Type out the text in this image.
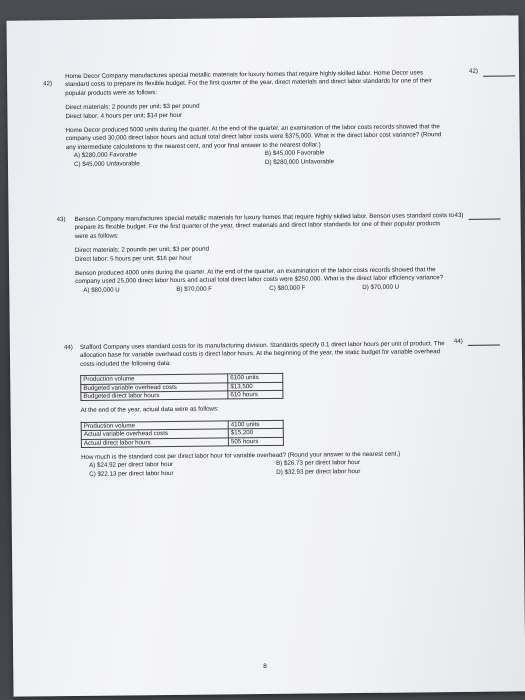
42)
42)

Home Decor Company manufactures special metallic materials for luxury homes that require highly skilled labor. Home Decor uses standard costs to prepare its flexible budget. For the first quarter of the year, direct materials and direct labor standards for one of their popular products were as follows:

Direct materials: 2 pounds per unit; $3 per pound

Direct labor: 4 hours per unit; $14 per hour

Home Decor produced 5000 units during the quarter. At the end of the quarter, an examination of the labor costs records showed that the company used 30,000 direct labor hours and actual total direct labor costs were $375,000. What is the direct labor cost variance? (Round any intermediate calculations to the nearest cent, and your final answer to the nearest dollar.)

A) $280,000 Favorable	B) $45,000 Favorable
C) $45,000 Unfavorable	D) $280,000 Unfavorable
43)
43)

Benson Company manufactures special metallic materials for luxury homes that require highly skilled labor. Benson uses standard costs to prepare its flexible budget. For the first quarter of the year, direct materials and direct labor standards for one of their popular products were as follows:

Direct materials: 2 pounds per unit; $3 per pound

Direct labor: 5 hours per unit; $16 per hour

Benson produced 4000 units during the quarter. At the end of the quarter, an examination of the labor costs records showed that the company used 25,000 direct labor hours and actual total direct labor costs were $250,000. What is the direct labor efficiency variance?

A) $80,000 U	B) $70,000 F	C) $80,000 F	D) $70,000 U
44)
44)

Stafford Company uses standard costs for its manufacturing division. Standards specify 0.1 direct labor hours per unit of product. The allocation base for variable overhead costs is direct labor hours. At the beginning of the year, the static budget for variable overhead costs included the following data:

Production volume	6100 units
Budgeted variable overhead costs	$13,500
Budgeted direct labor hours	610 hours

At the end of the year, actual data were as follows:

Production volume	4100 units
Actual variable overhead costs	$15,200
Actual direct labor hours	505 hours

How much is the standard cost per direct labor hour for variable overhead? (Round your answer to the nearest cent.)

A) $24.92 per direct labor hour	B) $26.73 per direct labor hour
C) $22.13 per direct labor hour	D) $32.93 per direct labor hour
8
